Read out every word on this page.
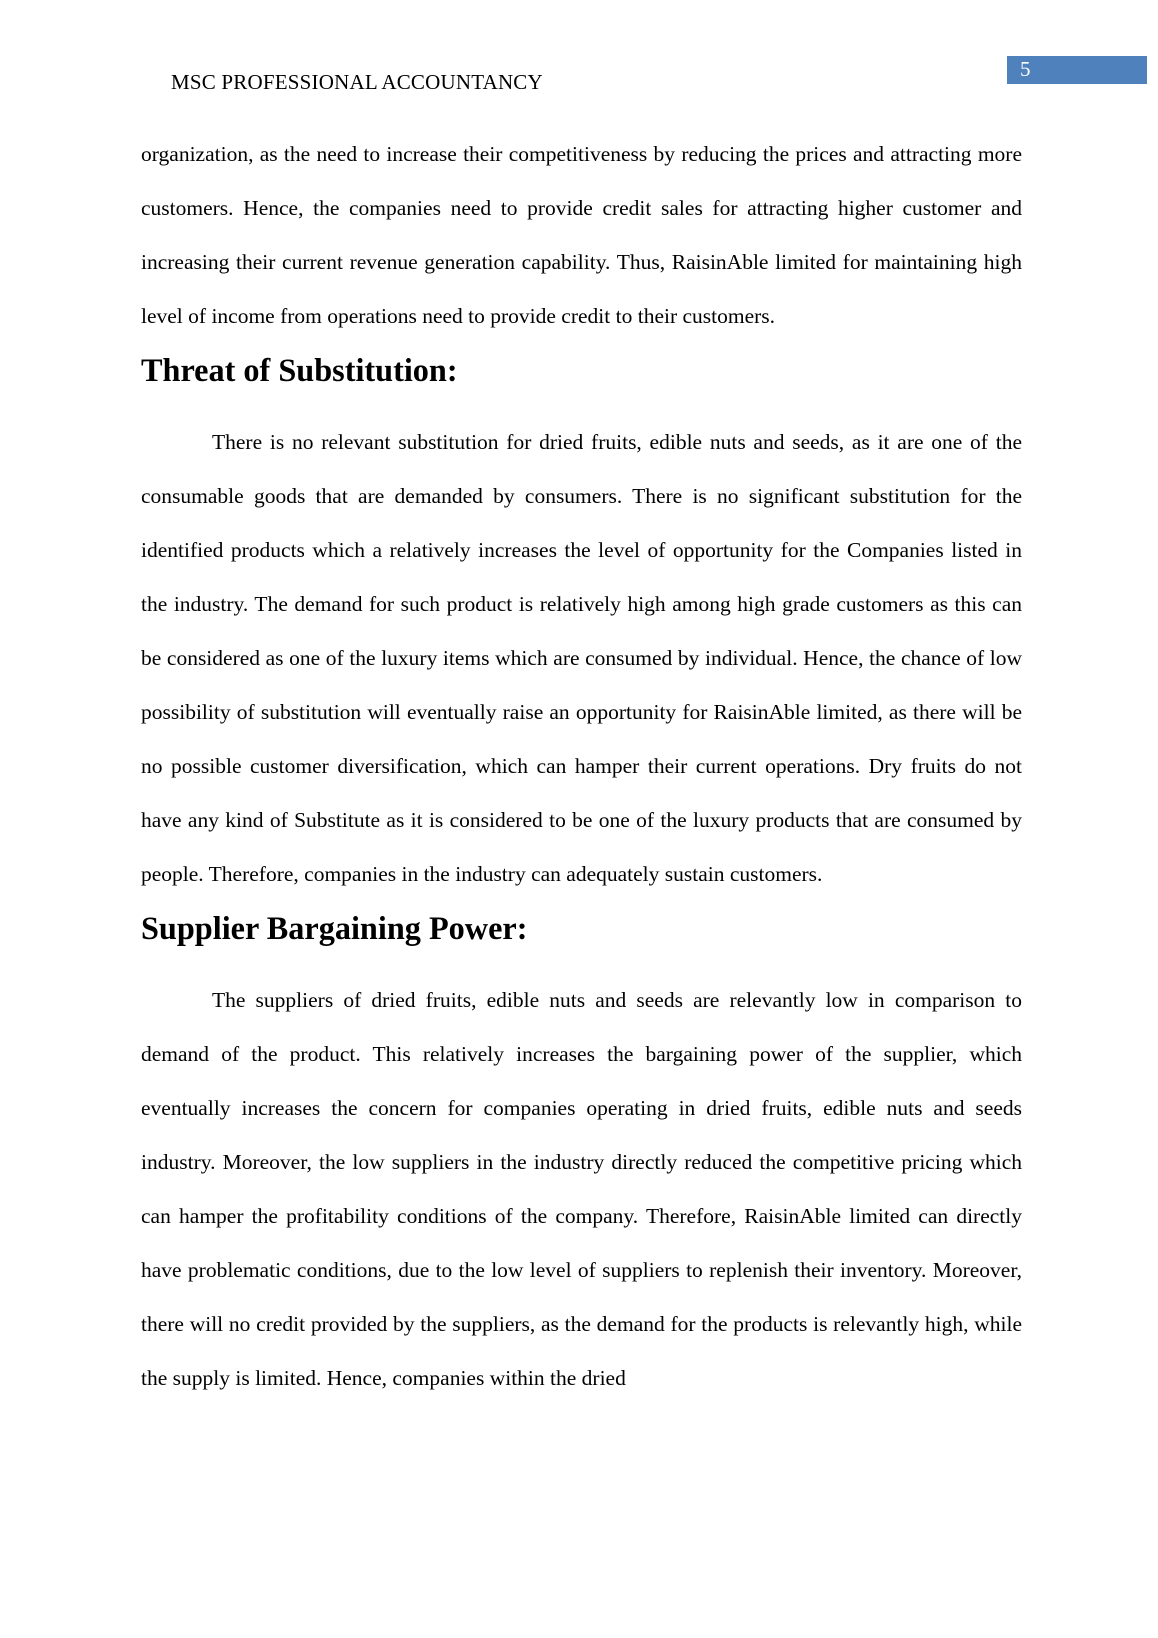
MSC PROFESSIONAL ACCOUNTANCY
5

organization, as the need to increase their competitiveness by reducing the prices and attracting more customers. Hence, the companies need to provide credit sales for attracting higher customer and increasing their current revenue generation capability. Thus, RaisinAble limited for maintaining high level of income from operations need to provide credit to their customers.

Threat of Substitution:

There is no relevant substitution for dried fruits, edible nuts and seeds, as it are one of the consumable goods that are demanded by consumers. There is no significant substitution for the identified products which a relatively increases the level of opportunity for the Companies listed in the industry. The demand for such product is relatively high among high grade customers as this can be considered as one of the luxury items which are consumed by individual. Hence, the chance of low possibility of substitution will eventually raise an opportunity for RaisinAble limited, as there will be no possible customer diversification, which can hamper their current operations. Dry fruits do not have any kind of Substitute as it is considered to be one of the luxury products that are consumed by people. Therefore, companies in the industry can adequately sustain customers.

Supplier Bargaining Power:

The suppliers of dried fruits, edible nuts and seeds are relevantly low in comparison to demand of the product. This relatively increases the bargaining power of the supplier, which eventually increases the concern for companies operating in dried fruits, edible nuts and seeds industry. Moreover, the low suppliers in the industry directly reduced the competitive pricing which can hamper the profitability conditions of the company. Therefore, RaisinAble limited can directly have problematic conditions, due to the low level of suppliers to replenish their inventory. Moreover, there will no credit provided by the suppliers, as the demand for the products is relevantly high, while the supply is limited. Hence, companies within the dried
